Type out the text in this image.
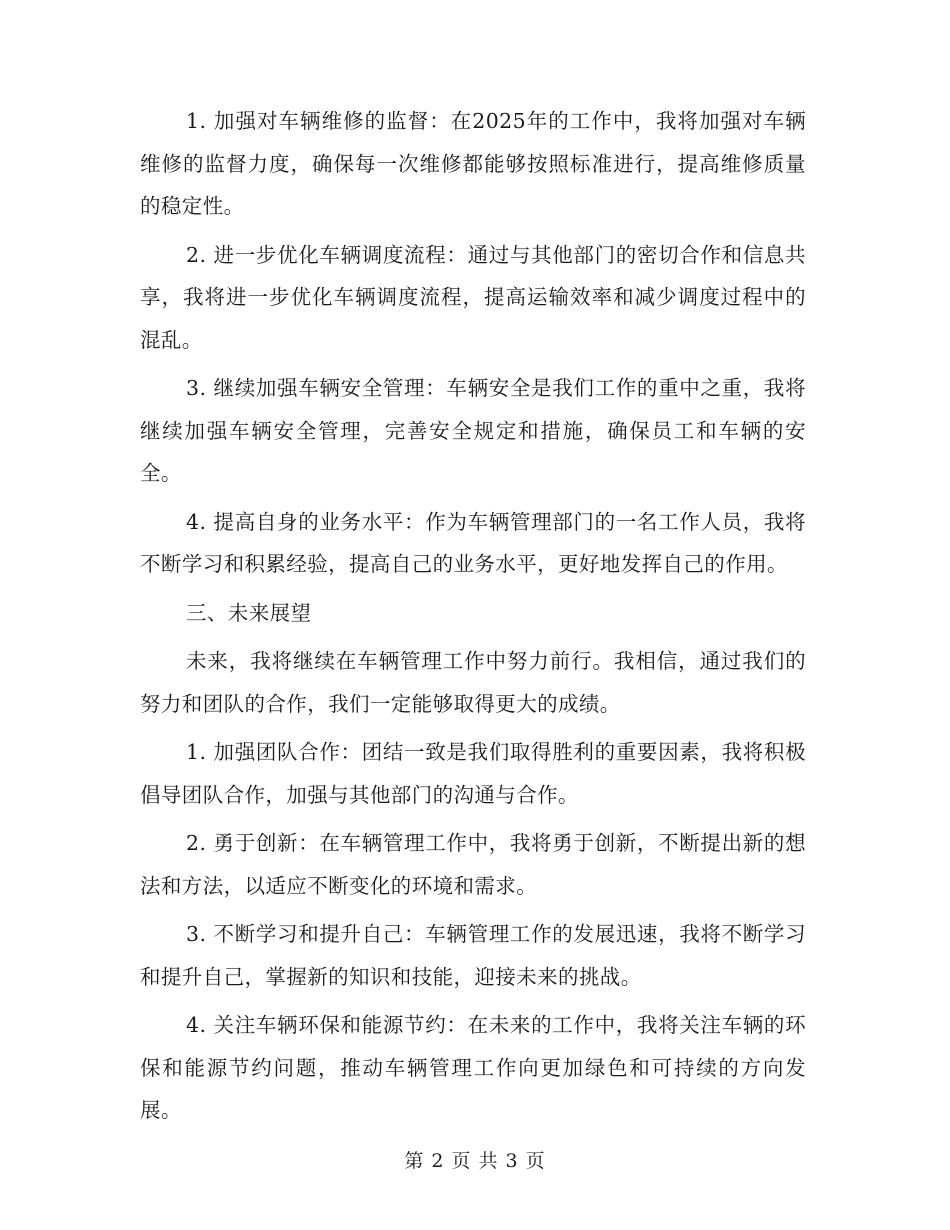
1. 加强对车辆维修的监督：在2025年的工作中，我将加强对车辆维修的监督力度，确保每一次维修都能够按照标准进行，提高维修质量的稳定性。

2. 进一步优化车辆调度流程：通过与其他部门的密切合作和信息共享，我将进一步优化车辆调度流程，提高运输效率和减少调度过程中的混乱。

3. 继续加强车辆安全管理：车辆安全是我们工作的重中之重，我将继续加强车辆安全管理，完善安全规定和措施，确保员工和车辆的安全。

4. 提高自身的业务水平：作为车辆管理部门的一名工作人员，我将不断学习和积累经验，提高自己的业务水平，更好地发挥自己的作用。

三、未来展望

未来，我将继续在车辆管理工作中努力前行。我相信，通过我们的努力和团队的合作，我们一定能够取得更大的成绩。

1. 加强团队合作：团结一致是我们取得胜利的重要因素，我将积极倡导团队合作，加强与其他部门的沟通与合作。

2. 勇于创新：在车辆管理工作中，我将勇于创新，不断提出新的想法和方法，以适应不断变化的环境和需求。

3. 不断学习和提升自己：车辆管理工作的发展迅速，我将不断学习和提升自己，掌握新的知识和技能，迎接未来的挑战。

4. 关注车辆环保和能源节约：在未来的工作中，我将关注车辆的环保和能源节约问题，推动车辆管理工作向更加绿色和可持续的方向发展。

第 2 页 共 3 页
